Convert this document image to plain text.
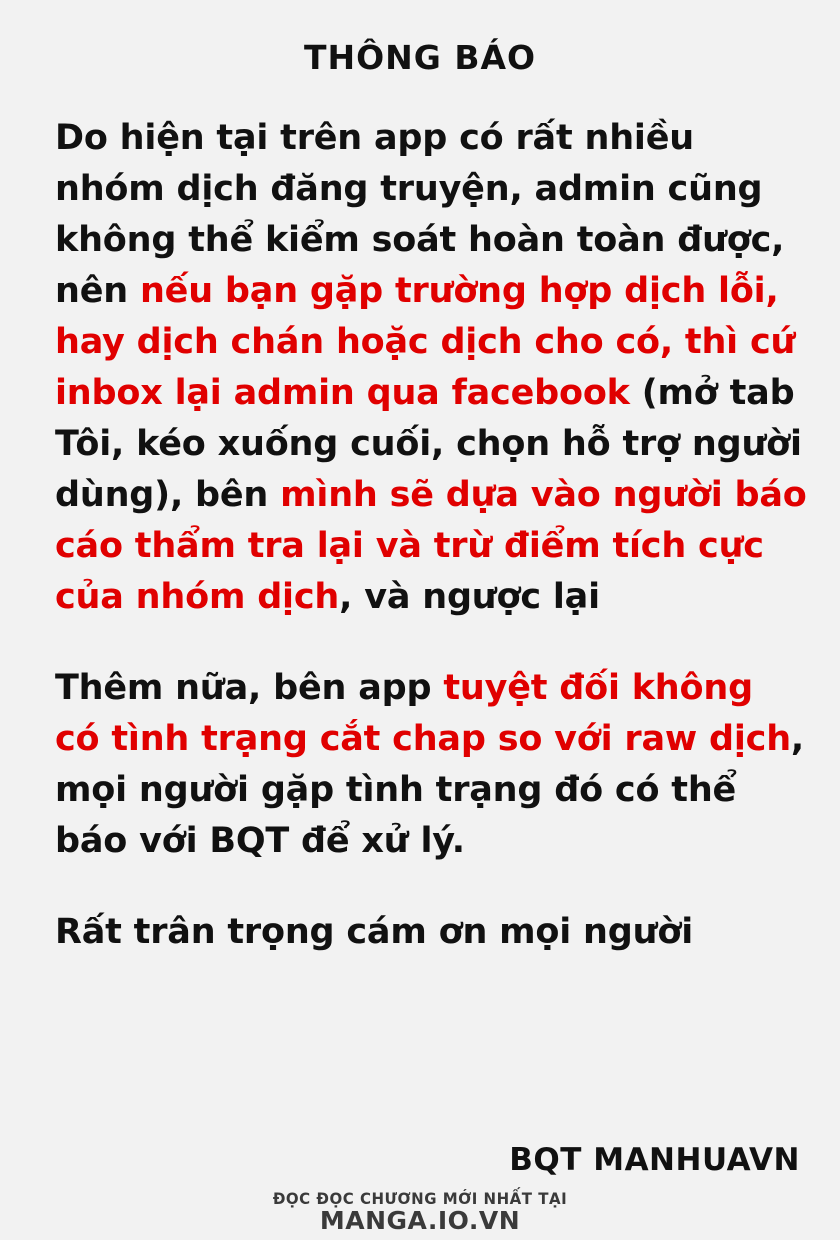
THÔNG BÁO

Do hiện tại trên app có rất nhiều nhóm dịch đăng truyện, admin cũng không thể kiểm soát hoàn toàn được, nên nếu bạn gặp trường hợp dịch lỗi, hay dịch chán hoặc dịch cho có, thì cứ inbox lại admin qua facebook (mở tab Tôi, kéo xuống cuối, chọn hỗ trợ người dùng), bên mình sẽ dựa vào người báo cáo thẩm tra lại và trừ điểm tích cực của nhóm dịch, và ngược lại

Thêm nữa, bên app tuyệt đối không có tình trạng cắt chap so với raw dịch, mọi người gặp tình trạng đó có thể báo với BQT để xử lý.

Rất trân trọng cám ơn mọi người

BQT MANHUAVN
ĐỌC ĐỌC CHƯƠNG MỚI NHẤT TẠI
MANGA.IO.VN
